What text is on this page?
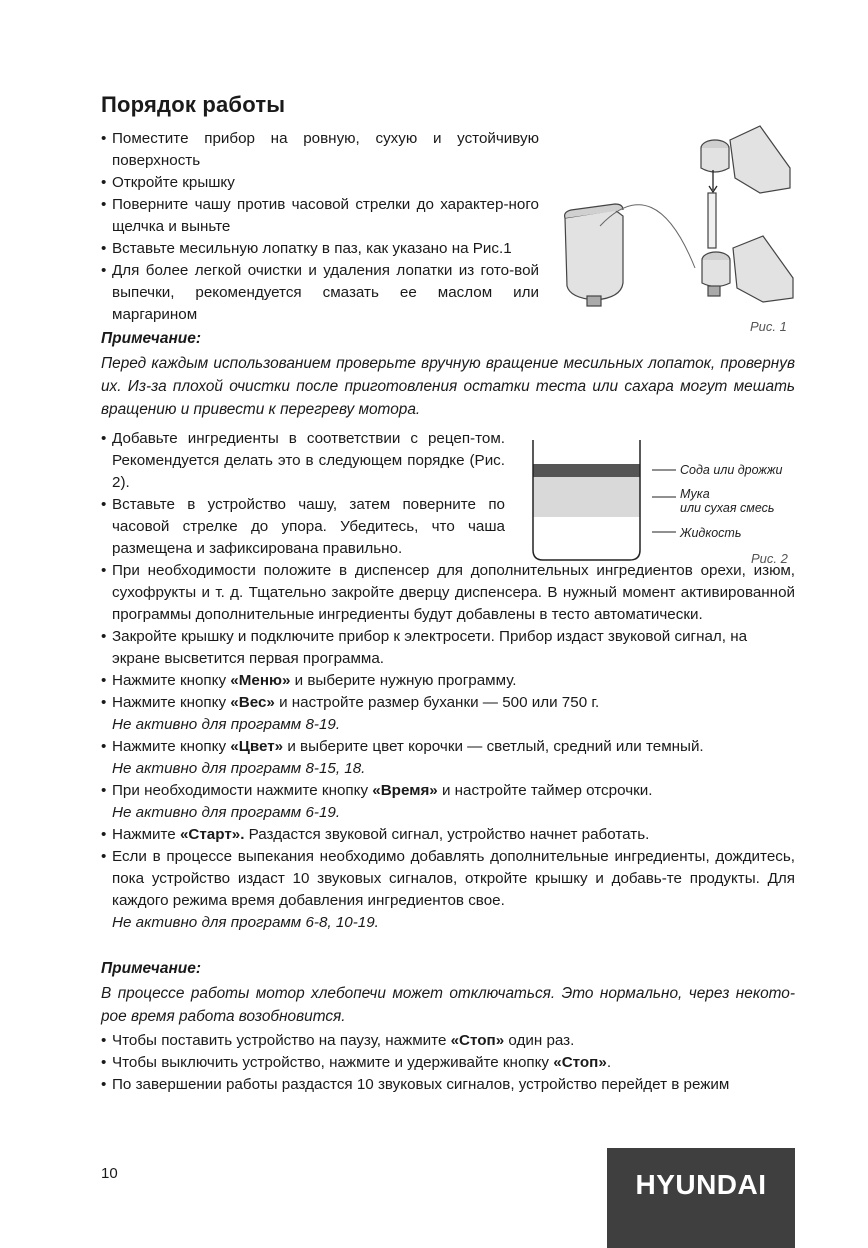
Порядок работы
• Поместите прибор на ровную, сухую и устойчивую поверхность
• Откройте крышку
• Поверните чашу против часовой стрелки до характер-ного щелчка и выньте
• Вставьте месильную лопатку в паз, как указано на Рис.1
• Для более легкой очистки и удаления лопатки из гото-вой выпечки, рекомендуется смазать ее маслом или маргарином
Рис. 1
Примечание:
Перед каждым использованием проверьте вручную вращение месильных лопаток, провернув их. Из-за плохой очистки после приготовления остатки теста или сахара могут мешать вращению и привести к перегреву мотора.
Сода или дрожжи
Мука
или сухая смесь
Жидкость
Рис. 2
• Добавьте ингредиенты в соответствии с рецеп-том. Рекомендуется делать это в следующем порядке (Рис. 2).
• Вставьте в устройство чашу, затем поверните по часовой стрелке до упора. Убедитесь, что чаша размещена и зафиксирована правильно.
• При необходимости положите в диспенсер для дополнительных ингредиентов орехи, изюм, сухофрукты и т. д. Тщательно закройте дверцу диспенсера. В нужный момент активированной программы дополнительные ингредиенты будут добавлены в тесто автоматически.
• Закройте крышку и подключите прибор к электросети. Прибор издаст звуковой сигнал, на экране высветится первая программа.
• Нажмите кнопку «Меню» и выберите нужную программу.
• Нажмите кнопку «Вес» и настройте размер буханки — 500 или 750 г.
Не активно для программ 8-19.
• Нажмите кнопку «Цвет» и выберите цвет корочки — светлый, средний или темный.
Не активно для программ 8-15, 18.
• При необходимости нажмите кнопку «Время» и настройте таймер отсрочки.
Не активно для программ 6-19.
• Нажмите «Старт». Раздастся звуковой сигнал, устройство начнет работать.
• Если в процессе выпекания необходимо добавлять дополнительные ингредиенты, дождитесь, пока устройство издаст 10 звуковых сигналов, откройте крышку и добавь-те продукты. Для каждого режима время добавления ингредиентов свое.
Не активно для программ 6-8, 10-19.
Примечание:
В процессе работы мотор хлебопечи может отключаться. Это нормально, через некото-рое время работа возобновится.
• Чтобы поставить устройство на паузу, нажмите «Стоп» один раз.
• Чтобы выключить устройство, нажмите и удерживайте кнопку «Стоп».
• По завершении работы раздастся 10 звуковых сигналов, устройство перейдет в режим
10	HYUNDAI
